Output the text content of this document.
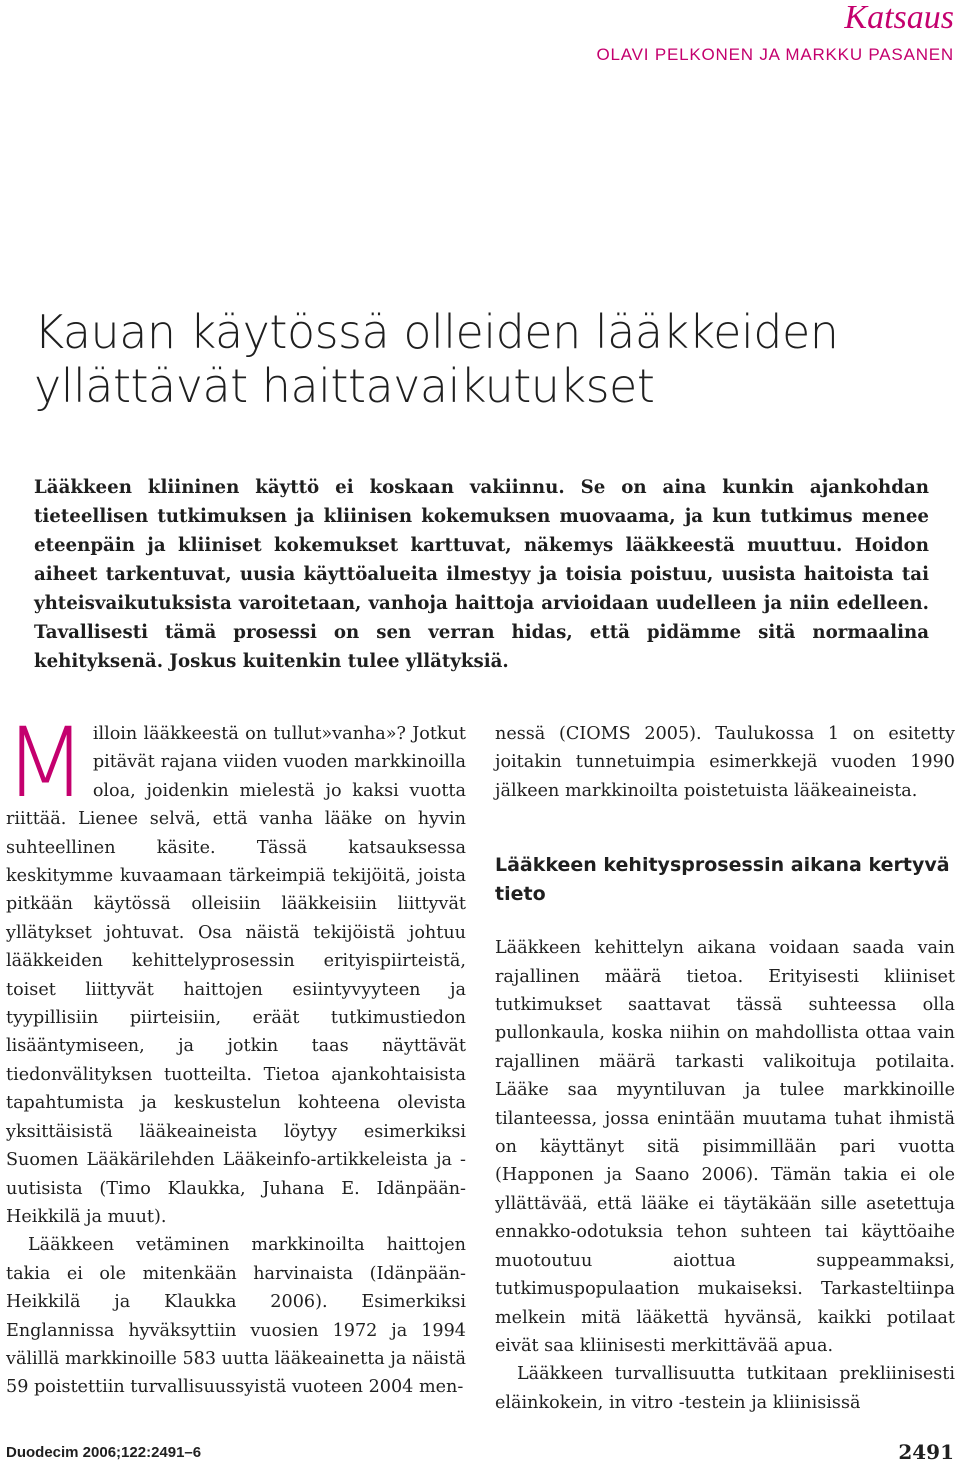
Katsaus
OLAVI PELKONEN JA MARKKU PASANEN
Kauan käytössä olleiden lääkkeiden
yllättävät haittavaikutukset
Lääkkeen kliininen käyttö ei koskaan vakiinnu. Se on aina kunkin ajankohdan tieteellisen tutkimuksen ja kliinisen kokemuksen muovaama, ja kun tutkimus menee eteenpäin ja kliiniset kokemukset karttuvat, näkemys lääkkeestä muuttuu. Hoidon aiheet tarkentuvat, uusia käyttöalueita ilmestyy ja toisia poistuu, uusista haitoista tai yhteisvaikutuksista varoitetaan, vanhoja haittoja arvioidaan uudelleen ja niin edelleen. Tavallisesti tämä prosessi on sen verran hidas, että pidämme sitä normaalina kehityksenä. Joskus kuitenkin tulee yllätyksiä.

Milloin lääkkeestä on tullut»vanha»? Jotkut pitävät rajana viiden vuoden markkinoilla oloa, joidenkin mielestä jo kaksi vuotta riittää. Lienee selvä, että vanha lääke on hyvin suhteellinen käsite. Tässä katsauksessa keskitymme kuvaamaan tärkeimpiä tekijöitä, joista pitkään käytössä olleisiin lääkkeisiin liittyvät yllätykset johtuvat. Osa näistä tekijöistä johtuu lääkkeiden kehittelyprosessin erityispiirteistä, toiset liittyvät haittojen esiintyvyyteen ja tyypillisiin piirteisiin, eräät tutkimustiedon lisääntymiseen, ja jotkin taas näyttävät tiedonvälityksen tuotteilta. Tietoa ajankohtaisista tapahtumista ja keskustelun kohteena olevista yksittäisistä lääkeaineista löytyy esimerkiksi Suomen Lääkärilehden Lääkeinfo-artikkeleista ja -uutisista (Timo Klaukka, Juhana E. Idänpään-Heikkilä ja muut).

Lääkkeen vetäminen markkinoilta haittojen takia ei ole mitenkään harvinaista (Idänpään-Heikkilä ja Klaukka 2006). Esimerkiksi Englannissa hyväksyttiin vuosien 1972 ja 1994 välillä markkinoille 583 uutta lääkeainetta ja näistä 59 poistettiin turvallisuussyistä vuoteen 2004 men-

nessä (CIOMS 2005). Taulukossa 1 on esitetty joitakin tunnetuimpia esimerkkejä vuoden 1990 jälkeen markkinoilta poistetuista lääkeaineista.

Lääkkeen kehitysprosessin aikana kertyvä tieto

Lääkkeen kehittelyn aikana voidaan saada vain rajallinen määrä tietoa. Erityisesti kliiniset tutkimukset saattavat tässä suhteessa olla pullonkaula, koska niihin on mahdollista ottaa vain rajallinen määrä tarkasti valikoituja potilaita. Lääke saa myyntiluvan ja tulee markkinoille tilanteessa, jossa enintään muutama tuhat ihmistä on käyttänyt sitä pisimmillään pari vuotta (Happonen ja Saano 2006). Tämän takia ei ole yllättävää, että lääke ei täytäkään sille asetettuja ennakko-odotuksia tehon suhteen tai käyttöaihe muotoutuu aiottua suppeammaksi, tutkimuspopulaation mukaiseksi. Tarkasteltiinpa melkein mitä lääkettä hyvänsä, kaikki potilaat eivät saa kliinisesti merkittävää apua.

Lääkkeen turvallisuutta tutkitaan prekliinisesti eläinkokein, in vitro -testein ja kliinisissä

Duodecim 2006;122:2491–6	2491
